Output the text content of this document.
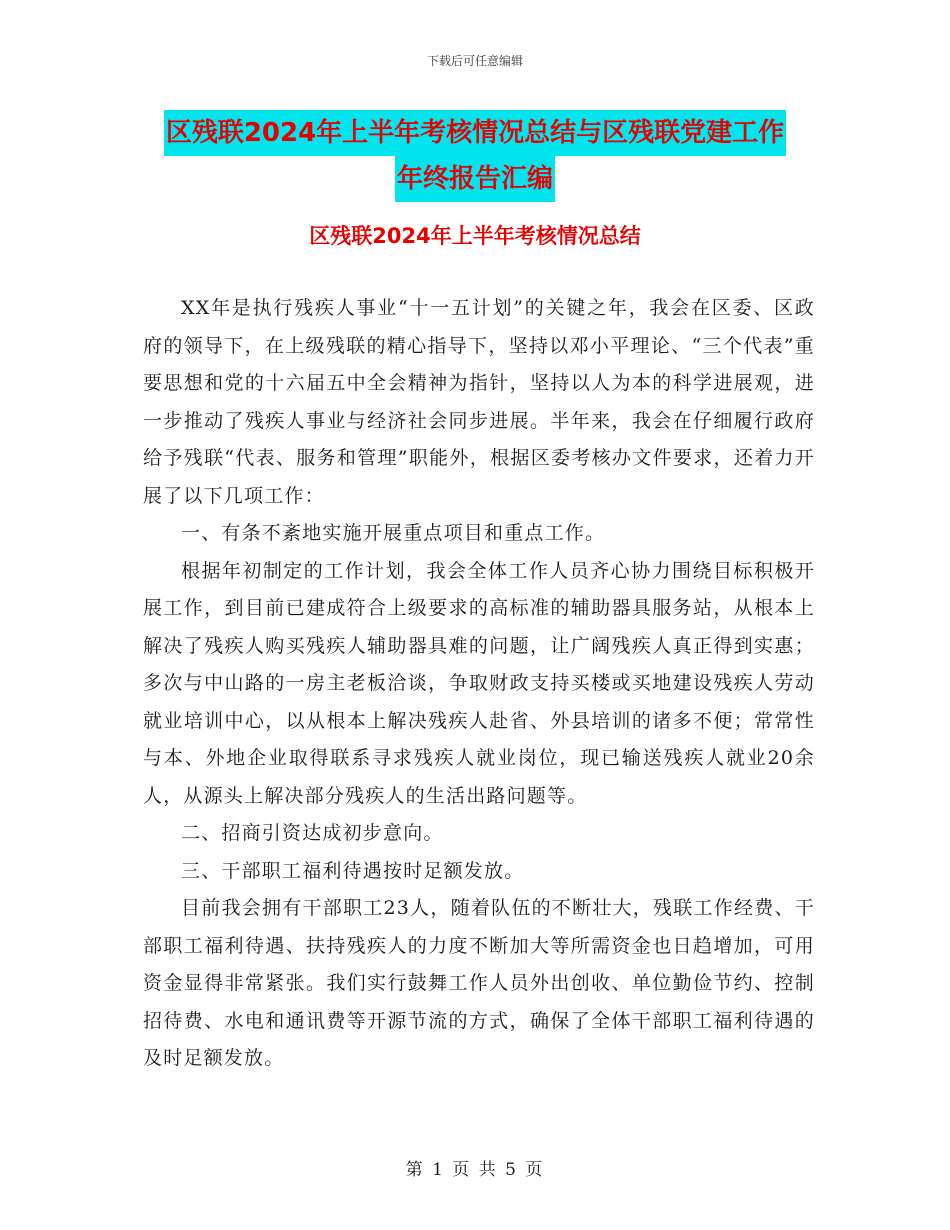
下载后可任意编辑
区残联2024年上半年考核情况总结与区残联党建工作
年终报告汇编
区残联2024年上半年考核情况总结

XX年是执行残疾人事业“十一五计划”的关键之年，我会在区委、区政府的领导下，在上级残联的精心指导下，坚持以邓小平理论、“三个代表”重要思想和党的十六届五中全会精神为指针，坚持以人为本的科学进展观，进一步推动了残疾人事业与经济社会同步进展。半年来，我会在仔细履行政府给予残联“代表、服务和管理”职能外，根据区委考核办文件要求，还着力开展了以下几项工作：

一、有条不紊地实施开展重点项目和重点工作。

根据年初制定的工作计划，我会全体工作人员齐心协力围绕目标积极开展工作，到目前已建成符合上级要求的高标准的辅助器具服务站，从根本上解决了残疾人购买残疾人辅助器具难的问题，让广阔残疾人真正得到实惠；多次与中山路的一房主老板洽谈，争取财政支持买楼或买地建设残疾人劳动就业培训中心，以从根本上解决残疾人赴省、外县培训的诸多不便；常常性与本、外地企业取得联系寻求残疾人就业岗位，现已输送残疾人就业20余人，从源头上解决部分残疾人的生活出路问题等。

二、招商引资达成初步意向。

三、干部职工福利待遇按时足额发放。

目前我会拥有干部职工23人，随着队伍的不断壮大，残联工作经费、干部职工福利待遇、扶持残疾人的力度不断加大等所需资金也日趋增加，可用资金显得非常紧张。我们实行鼓舞工作人员外出创收、单位勤俭节约、控制招待费、水电和通讯费等开源节流的方式，确保了全体干部职工福利待遇的及时足额发放。

第 1 页 共 5 页
